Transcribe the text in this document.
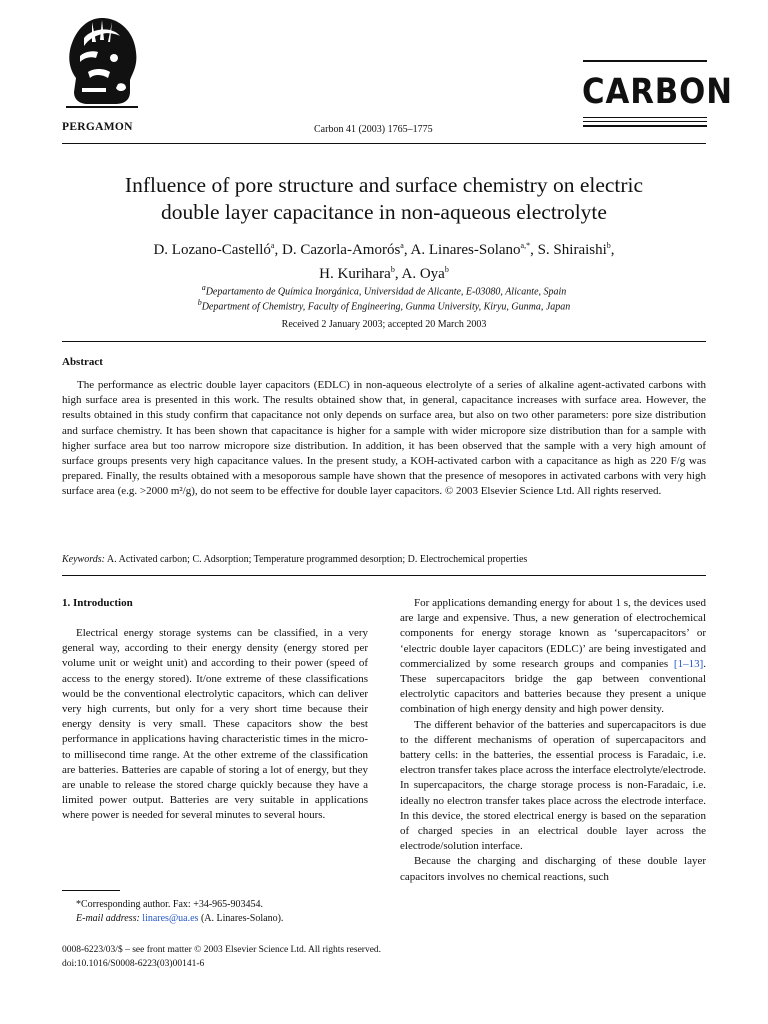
PERGAMON	Carbon 41 (2003) 1765–1775
CARBON
Influence of pore structure and surface chemistry on electric
double layer capacitance in non-aqueous electrolyte
D. Lozano-Castelló$^a$, D. Cazorla-Amorós$^a$, A. Linares-Solano$^{a,*}$, S. Shiraishi$^b$,
H. Kurihara$^b$, A. Oya$^b$
$^a$Departamento de Química Inorgánica, Universidad de Alicante, E-03080, Alicante, Spain
$^b$Department of Chemistry, Faculty of Engineering, Gunma University, Kiryu, Gunma, Japan
Received 2 January 2003; accepted 20 March 2003
Abstract

The performance as electric double layer capacitors (EDLC) in non-aqueous electrolyte of a series of alkaline agent-activated carbons with high surface area is presented in this work. The results obtained show that, in general, capacitance increases with surface area. However, the results obtained in this study confirm that capacitance not only depends on surface area, but also on two other parameters: pore size distribution and surface chemistry. It has been shown that capacitance is higher for a sample with wider micropore size distribution than for a sample with higher surface area but too narrow micropore size distribution. In addition, it has been observed that the sample with a very high amount of surface groups presents very high capacitance values. In the present study, a KOH-activated carbon with a capacitance as high as 220 F/g was prepared. Finally, the results obtained with a mesoporous sample have shown that the presence of mesopores in activated carbons with very high surface area (e.g. >2000 m²/g), do not seem to be effective for double layer capacitors. © 2003 Elsevier Science Ltd. All rights reserved.

Keywords: A. Activated carbon; C. Adsorption; Temperature programmed desorption; D. Electrochemical properties
1. Introduction

Electrical energy storage systems can be classified, in a very general way, according to their energy density (energy stored per volume unit or weight unit) and according to their power (speed of access to the energy stored). It/one extreme of these classifications would be the conventional electrolytic capacitors, which can deliver very high currents, but only for a very short time because their energy density is very small. These capacitors show the best performance in applications having characteristic times in the micro- to millisecond time range. At the other extreme of the classification are batteries. Batteries are capable of storing a lot of energy, but they are unable to release the stored charge quickly because they have a limited power output. Batteries are very suitable in applications where power is needed for several minutes to several hours.

For applications demanding energy for about 1 s, the devices used are large and expensive. Thus, a new generation of electrochemical components for energy storage known as ‘supercapacitors’ or ‘electric double layer capacitors (EDLC)’ are being investigated and commercialized by some research groups and companies [1–13]. These supercapacitors bridge the gap between conventional electrolytic capacitors and batteries because they present a unique combination of high energy density and high power density.

The different behavior of the batteries and supercapacitors is due to the different mechanisms of operation of supercapacitors and battery cells: in the batteries, the essential process is Faradaic, i.e. electron transfer takes place across the interface electrolyte/electrode. In supercapacitors, the charge storage process is non-Faradaic, i.e. ideally no electron transfer takes place across the electrode interface. In this device, the stored electrical energy is based on the separation of charged species in an electrical double layer across the electrode/solution interface.

Because the charging and discharging of these double layer capacitors involves no chemical reactions, such

*Corresponding author. Fax: +34-965-903454.
E-mail address: linares@ua.es (A. Linares-Solano).
0008-6223/03/$ – see front matter © 2003 Elsevier Science Ltd. All rights reserved.
doi:10.1016/S0008-6223(03)00141-6
